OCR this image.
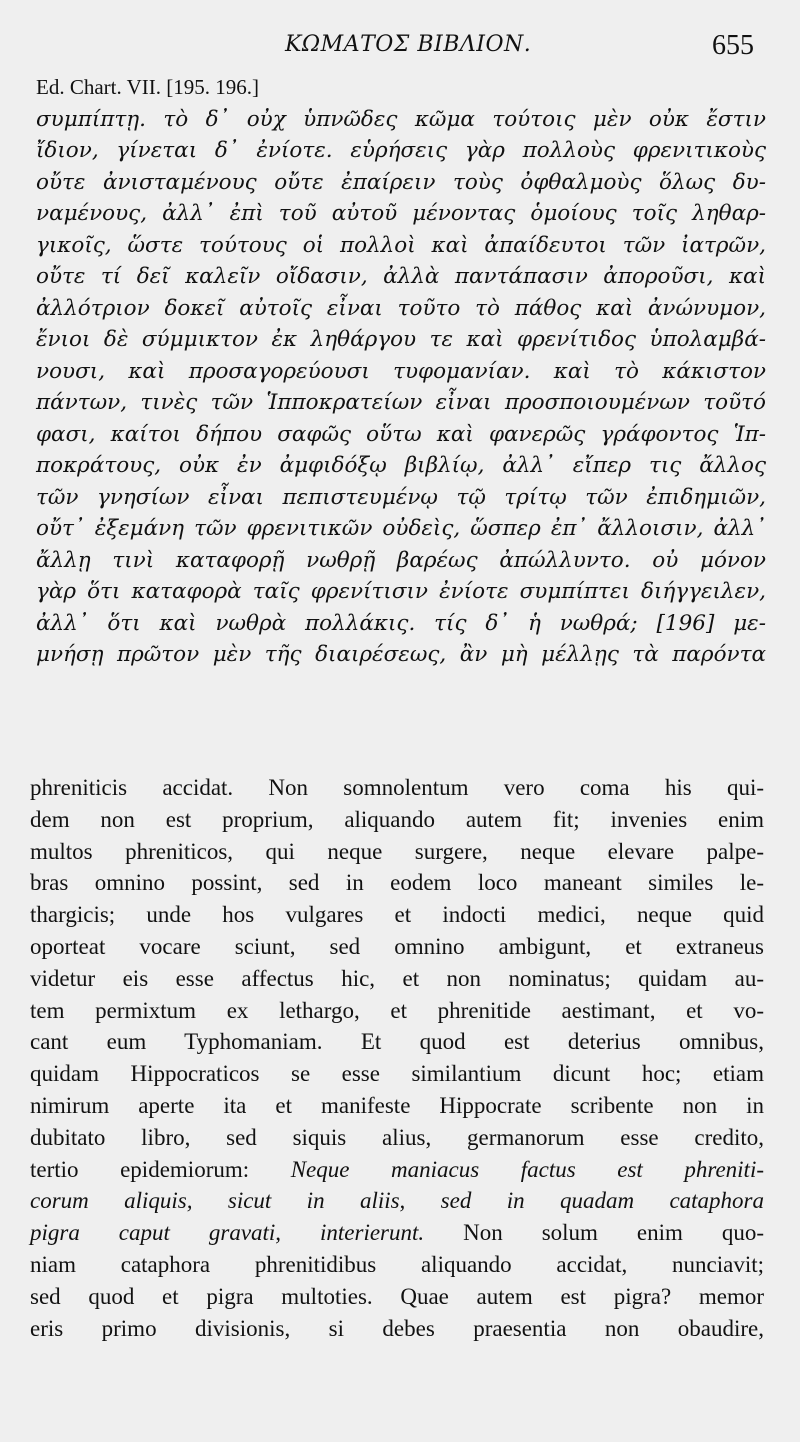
ΚΩΜΑΤΟΣ ΒΙΒΛΙΟΝ.	655
Ed. Chart. VII. [195. 196.]
συμπίπτῃ. τὸ δ᾽ οὐχ ὑπνῶδες κῶμα τούτοις μὲν οὐκ ἔστιν
ἴδιον, γίνεται δ᾽ ἐνίοτε. εὑρήσεις γὰρ πολλοὺς φρενιτικοὺς
οὔτε ἀνισταμένους οὔτε ἐπαίρειν τοὺς ὀφθαλμοὺς ὅλως δυ-
ναμένους, ἀλλ᾽ ἐπὶ τοῦ αὐτοῦ μένοντας ὁμοίους τοῖς ληθαρ-
γικοῖς, ὥστε τούτους οἱ πολλοὶ καὶ ἀπαίδευτοι τῶν ἰατρῶν,
οὔτε τί δεῖ καλεῖν οἴδασιν, ἀλλὰ παντάπασιν ἀποροῦσι, καὶ
ἀλλότριον δοκεῖ αὐτοῖς εἶναι τοῦτο τὸ πάθος καὶ ἀνώνυμον,
ἔνιοι δὲ σύμμικτον ἐκ ληθάργου τε καὶ φρενίτιδος ὑπολαμβά-
νουσι, καὶ προσαγορεύουσι τυφομανίαν. καὶ τὸ κάκιστον
πάντων, τινὲς τῶν Ἱπποκρατείων εἶναι προσποιουμένων τοῦτό
φασι, καίτοι δήπου σαφῶς οὕτω καὶ φανερῶς γράφοντος Ἱπ-
ποκράτους, οὐκ ἐν ἀμφιδόξῳ βιβλίῳ, ἀλλ᾽ εἴπερ τις ἄλλος
τῶν γνησίων εἶναι πεπιστευμένῳ τῷ τρίτῳ τῶν ἐπιδημιῶν,
οὔτ᾽ ἐξεμάνη τῶν φρενιτικῶν οὐδεὶς, ὥσπερ ἐπ᾽ ἄλλοισιν, ἀλλ᾽
ἄλλῃ τινὶ καταφορῇ νωθρῇ βαρέως ἀπώλλυντο. οὐ μόνον
γὰρ ὅτι καταφορὰ ταῖς φρενίτισιν ἐνίοτε συμπίπτει διήγγειλεν,
ἀλλ᾽ ὅτι καὶ νωθρὰ πολλάκις. τίς δ᾽ ἡ νωθρά; [196] με-
μνήσῃ πρῶτον μὲν τῆς διαιρέσεως, ἂν μὴ μέλλῃς τὰ παρόντα
phreniticis accidat. Non somnolentum vero coma his qui-
dem non est proprium, aliquando autem fit; invenies enim
multos phreniticos, qui neque surgere, neque elevare palpe-
bras omnino possint, sed in eodem loco maneant similes le-
thargicis; unde hos vulgares et indocti medici, neque quid
oporteat vocare sciunt, sed omnino ambigunt, et extraneus
videtur eis esse affectus hic, et non nominatus; quidam au-
tem permixtum ex lethargo, et phrenitide aestimant, et vo-
cant eum Typhomaniam. Et quod est deterius omnibus,
quidam Hippocraticos se esse similantium dicunt hoc; etiam
nimirum aperte ita et manifeste Hippocrate scribente non in
dubitato libro, sed siquis alius, germanorum esse credito,
tertio epidemiorum: Neque maniacus factus est phreniti-
corum aliquis, sicut in aliis, sed in quadam cataphora
pigra caput gravati, interierunt. Non solum enim quo-
niam cataphora phrenitidibus aliquando accidat, nunciavit;
sed quod et pigra multoties. Quae autem est pigra? memor
eris primo divisionis, si debes praesentia non obaudire,
